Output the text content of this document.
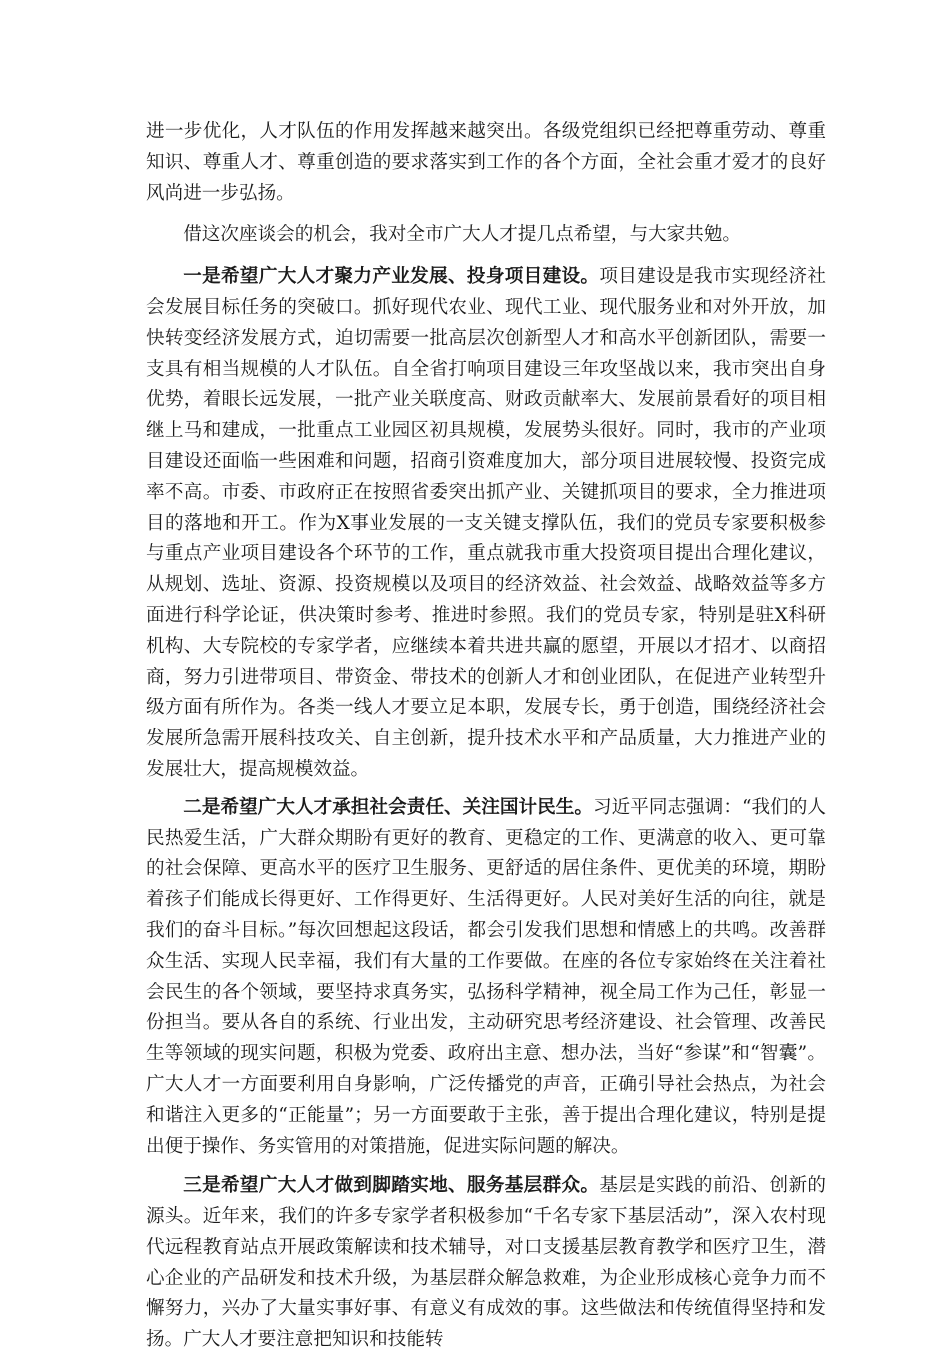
进一步优化，人才队伍的作用发挥越来越突出。各级党组织已经把尊重劳动、尊重知识、尊重人才、尊重创造的要求落实到工作的各个方面，全社会重才爱才的良好风尚进一步弘扬。

借这次座谈会的机会，我对全市广大人才提几点希望，与大家共勉。

一是希望广大人才聚力产业发展、投身项目建设。项目建设是我市实现经济社会发展目标任务的突破口。抓好现代农业、现代工业、现代服务业和对外开放，加快转变经济发展方式，迫切需要一批高层次创新型人才和高水平创新团队，需要一支具有相当规模的人才队伍。自全省打响项目建设三年攻坚战以来，我市突出自身优势，着眼长远发展，一批产业关联度高、财政贡献率大、发展前景看好的项目相继上马和建成，一批重点工业园区初具规模，发展势头很好。同时，我市的产业项目建设还面临一些困难和问题，招商引资难度加大，部分项目进展较慢、投资完成率不高。市委、市政府正在按照省委突出抓产业、关键抓项目的要求，全力推进项目的落地和开工。作为X事业发展的一支关键支撑队伍，我们的党员专家要积极参与重点产业项目建设各个环节的工作，重点就我市重大投资项目提出合理化建议，从规划、选址、资源、投资规模以及项目的经济效益、社会效益、战略效益等多方面进行科学论证，供决策时参考、推进时参照。我们的党员专家，特别是驻X科研机构、大专院校的专家学者，应继续本着共进共赢的愿望，开展以才招才、以商招商，努力引进带项目、带资金、带技术的创新人才和创业团队，在促进产业转型升级方面有所作为。各类一线人才要立足本职，发展专长，勇于创造，围绕经济社会发展所急需开展科技攻关、自主创新，提升技术水平和产品质量，大力推进产业的发展壮大，提高规模效益。

二是希望广大人才承担社会责任、关注国计民生。习近平同志强调：“我们的人民热爱生活，广大群众期盼有更好的教育、更稳定的工作、更满意的收入、更可靠的社会保障、更高水平的医疗卫生服务、更舒适的居住条件、更优美的环境，期盼着孩子们能成长得更好、工作得更好、生活得更好。人民对美好生活的向往，就是我们的奋斗目标。”每次回想起这段话，都会引发我们思想和情感上的共鸣。改善群众生活、实现人民幸福，我们有大量的工作要做。在座的各位专家始终在关注着社会民生的各个领域，要坚持求真务实，弘扬科学精神，视全局工作为己任，彰显一份担当。要从各自的系统、行业出发，主动研究思考经济建设、社会管理、改善民生等领域的现实问题，积极为党委、政府出主意、想办法，当好“参谋”和“智囊”。广大人才一方面要利用自身影响，广泛传播党的声音，正确引导社会热点，为社会和谐注入更多的“正能量”；另一方面要敢于主张，善于提出合理化建议，特别是提出便于操作、务实管用的对策措施，促进实际问题的解决。

三是希望广大人才做到脚踏实地、服务基层群众。基层是实践的前沿、创新的源头。近年来，我们的许多专家学者积极参加“千名专家下基层活动”，深入农村现代远程教育站点开展政策解读和技术辅导，对口支援基层教育教学和医疗卫生，潜心企业的产品研发和技术升级，为基层群众解急救难，为企业形成核心竞争力而不懈努力，兴办了大量实事好事、有意义有成效的事。这些做法和传统值得坚持和发扬。广大人才要注意把知识和技能转
